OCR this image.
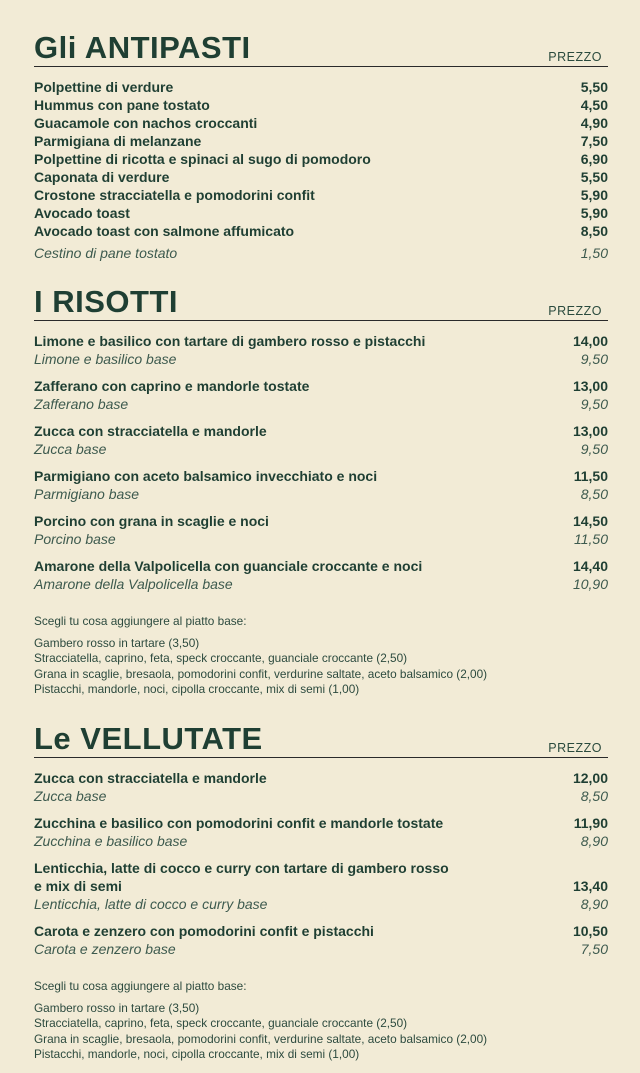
Gli ANTIPASTI	PREZZO
Polpettine di verdure	5,50
Hummus con pane tostato	4,50
Guacamole con nachos croccanti	4,90
Parmigiana di melanzane	7,50
Polpettine di ricotta e spinaci al sugo di pomodoro	6,90
Caponata di verdure	5,50
Crostone stracciatella e pomodorini confit	5,90
Avocado toast	5,90
Avocado toast con salmone affumicato	8,50
Cestino di pane tostato	1,50
I RISOTTI	PREZZO
Limone e basilico con tartare di gambero rosso e pistacchi	14,00
Limone e basilico base	9,50
Zafferano con caprino e mandorle tostate	13,00
Zafferano base	9,50
Zucca con stracciatella e mandorle	13,00
Zucca base	9,50
Parmigiano con aceto balsamico invecchiato e noci	11,50
Parmigiano base	8,50
Porcino con grana in scaglie e noci	14,50
Porcino base	11,50
Amarone della Valpolicella con guanciale croccante e noci	14,40
Amarone della Valpolicella base	10,90
Scegli tu cosa aggiungere al piatto base:
Gambero rosso in tartare (3,50)
Stracciatella, caprino, feta, speck croccante, guanciale croccante (2,50)
Grana in scaglie, bresaola, pomodorini confit, verdurine saltate, aceto balsamico (2,00)
Pistacchi, mandorle, noci, cipolla croccante, mix di semi (1,00)
Le VELLUTATE	PREZZO
Zucca con stracciatella e mandorle	12,00
Zucca base	8,50
Zucchina e basilico con pomodorini confit e mandorle tostate	11,90
Zucchina e basilico base	8,90
Lenticchia, latte di cocco e curry con tartare di gambero rosso
e mix di semi	13,40
Lenticchia, latte di cocco e curry base	8,90
Carota e zenzero con pomodorini confit e pistacchi	10,50
Carota e zenzero base	7,50
Scegli tu cosa aggiungere al piatto base:
Gambero rosso in tartare (3,50)
Stracciatella, caprino, feta, speck croccante, guanciale croccante (2,50)
Grana in scaglie, bresaola, pomodorini confit, verdurine saltate, aceto balsamico (2,00)
Pistacchi, mandorle, noci, cipolla croccante, mix di semi (1,00)
